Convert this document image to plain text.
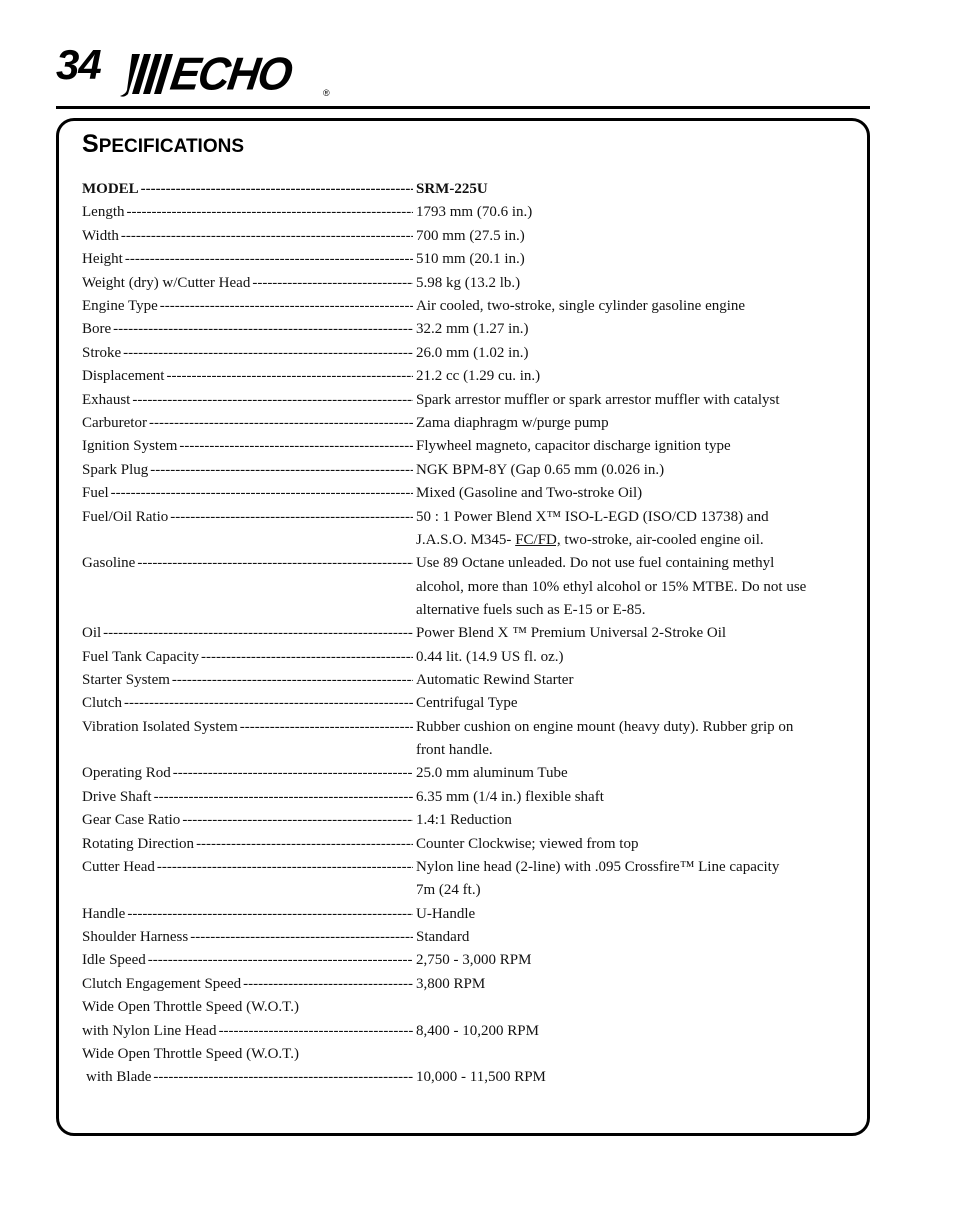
34 ECHO	®
SPECIFICATIONS
MODEL -----	SRM-225U
Length -----	1793 mm (70.6 in.)
Width -----	700 mm (27.5 in.)
Height -----	510 mm (20.1 in.)
Weight (dry) w/Cutter Head -----	5.98 kg (13.2 lb.)
Engine Type -----	Air cooled, two-stroke, single cylinder gasoline engine
Bore -----	32.2 mm (1.27 in.)
Stroke -----	26.0 mm (1.02 in.)
Displacement -----	21.2 cc (1.29 cu. in.)
Exhaust -----	Spark arrestor muffler or spark arrestor muffler with catalyst
Carburetor -----	Zama diaphragm w/purge pump
Ignition System -----	Flywheel magneto, capacitor discharge ignition type
Spark Plug -----	NGK BPM-8Y (Gap 0.65 mm (0.026 in.)
Fuel -----	Mixed (Gasoline and Two-stroke Oil)
Fuel/Oil Ratio -----	50 : 1 Power Blend X™ ISO-L-EGD (ISO/CD 13738) and
J.A.S.O. M345- FC/FD, two-stroke, air-cooled engine oil.
Gasoline -----	Use 89 Octane unleaded. Do not use fuel containing methyl
alcohol, more than 10% ethyl alcohol or 15% MTBE. Do not use
alternative fuels such as E-15 or E-85.
Oil -----	Power Blend X ™ Premium Universal 2-Stroke Oil
Fuel Tank Capacity -----	0.44 lit. (14.9 US fl. oz.)
Starter System -----	Automatic Rewind Starter
Clutch -----	Centrifugal Type
Vibration Isolated System -----	Rubber cushion on engine mount (heavy duty). Rubber grip on
front handle.
Operating Rod -----	25.0 mm aluminum Tube
Drive Shaft -----	6.35 mm (1/4 in.) flexible shaft
Gear Case Ratio -----	1.4:1 Reduction
Rotating Direction -----	Counter Clockwise; viewed from top
Cutter Head -----	Nylon line head (2-line) with .095 Crossfire™ Line capacity
7m (24 ft.)
Handle -----	U-Handle
Shoulder Harness -----	Standard
Idle Speed -----	2,750 - 3,000 RPM
Clutch Engagement Speed -----	3,800 RPM
Wide Open Throttle Speed (W.O.T.)
with Nylon Line Head -----	8,400 - 10,200 RPM
Wide Open Throttle Speed (W.O.T.)
with Blade -----	10,000 - 11,500 RPM
